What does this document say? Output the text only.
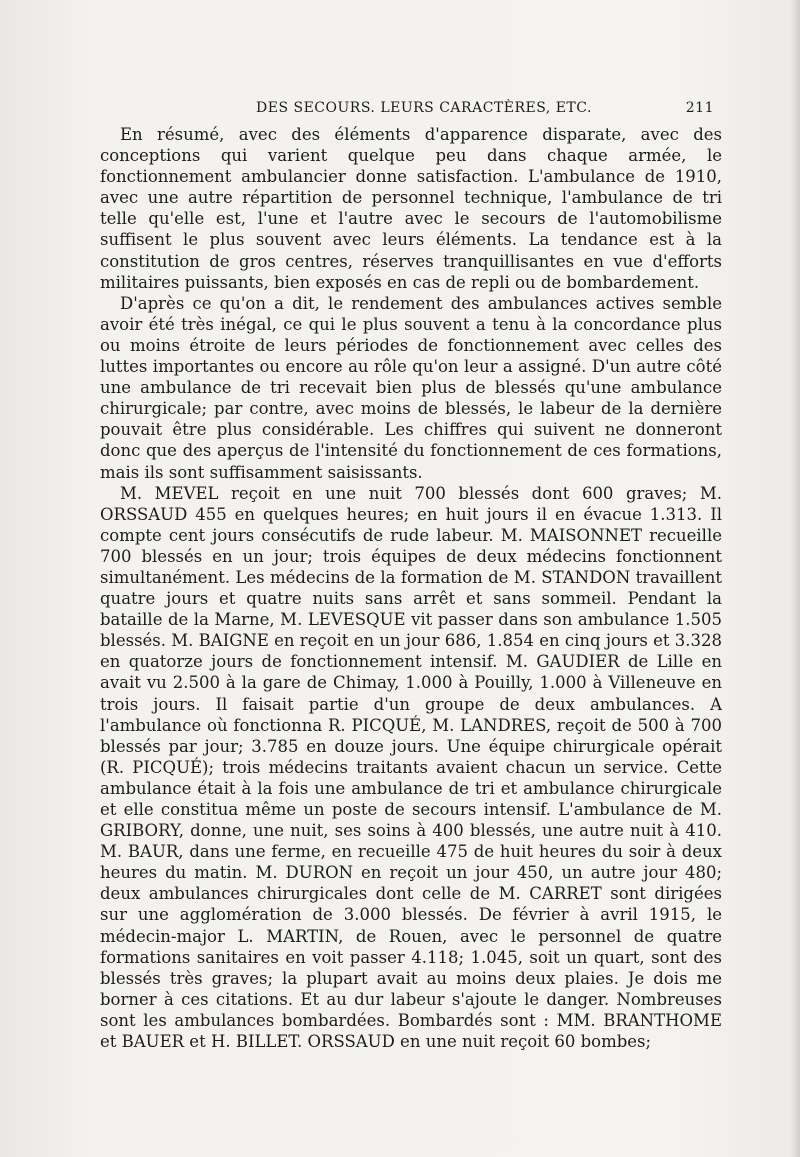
DES SECOURS. LEURS CARACTÈRES, ETC.	211

En résumé, avec des éléments d'apparence disparate, avec des conceptions qui varient quelque peu dans chaque armée, le fonctionnement ambulancier donne satisfaction. L'ambulance de 1910, avec une autre répartition de personnel technique, l'ambulance de tri telle qu'elle est, l'une et l'autre avec le secours de l'automobilisme suffisent le plus souvent avec leurs éléments. La tendance est à la constitution de gros centres, réserves tranquillisantes en vue d'efforts militaires puissants, bien exposés en cas de repli ou de bombardement.

D'après ce qu'on a dit, le rendement des ambulances actives semble avoir été très inégal, ce qui le plus souvent a tenu à la concordance plus ou moins étroite de leurs périodes de fonctionnement avec celles des luttes importantes ou encore au rôle qu'on leur a assigné. D'un autre côté une ambulance de tri recevait bien plus de blessés qu'une ambulance chirurgicale; par contre, avec moins de blessés, le labeur de la dernière pouvait être plus considérable. Les chiffres qui suivent ne donneront donc que des aperçus de l'intensité du fonctionnement de ces formations, mais ils sont suffisamment saisissants.

M. MEVEL reçoit en une nuit 700 blessés dont 600 graves; M. ORSSAUD 455 en quelques heures; en huit jours il en évacue 1.313. Il compte cent jours consécutifs de rude labeur. M. MAISONNET recueille 700 blessés en un jour; trois équipes de deux médecins fonctionnent simultanément. Les médecins de la formation de M. STANDON travaillent quatre jours et quatre nuits sans arrêt et sans sommeil. Pendant la bataille de la Marne, M. LEVESQUE vit passer dans son ambulance 1.505 blessés. M. BAIGNE en reçoit en un jour 686, 1.854 en cinq jours et 3.328 en quatorze jours de fonctionnement intensif. M. GAUDIER de Lille en avait vu 2.500 à la gare de Chimay, 1.000 à Pouilly, 1.000 à Villeneuve en trois jours. Il faisait partie d'un groupe de deux ambulances. A l'ambulance où fonctionna R. PICQUÉ, M. LANDRES, reçoit de 500 à 700 blessés par jour; 3.785 en douze jours. Une équipe chirurgicale opérait (R. PICQUÉ); trois médecins traitants avaient chacun un service. Cette ambulance était à la fois une ambulance de tri et ambulance chirurgicale et elle constitua même un poste de secours intensif. L'ambulance de M. GRIBORY, donne, une nuit, ses soins à 400 blessés, une autre nuit à 410. M. BAUR, dans une ferme, en recueille 475 de huit heures du soir à deux heures du matin. M. DURON en reçoit un jour 450, un autre jour 480; deux ambulances chirurgicales dont celle de M. CARRET sont dirigées sur une agglomération de 3.000 blessés. De février à avril 1915, le médecin-major L. MARTIN, de Rouen, avec le personnel de quatre formations sanitaires en voit passer 4.118; 1.045, soit un quart, sont des blessés très graves; la plupart avait au moins deux plaies. Je dois me borner à ces citations. Et au dur labeur s'ajoute le danger. Nombreuses sont les ambulances bombardées. Bombardés sont : MM. BRANTHOME et BAUER et H. BILLET. ORSSAUD en une nuit reçoit 60 bombes;
